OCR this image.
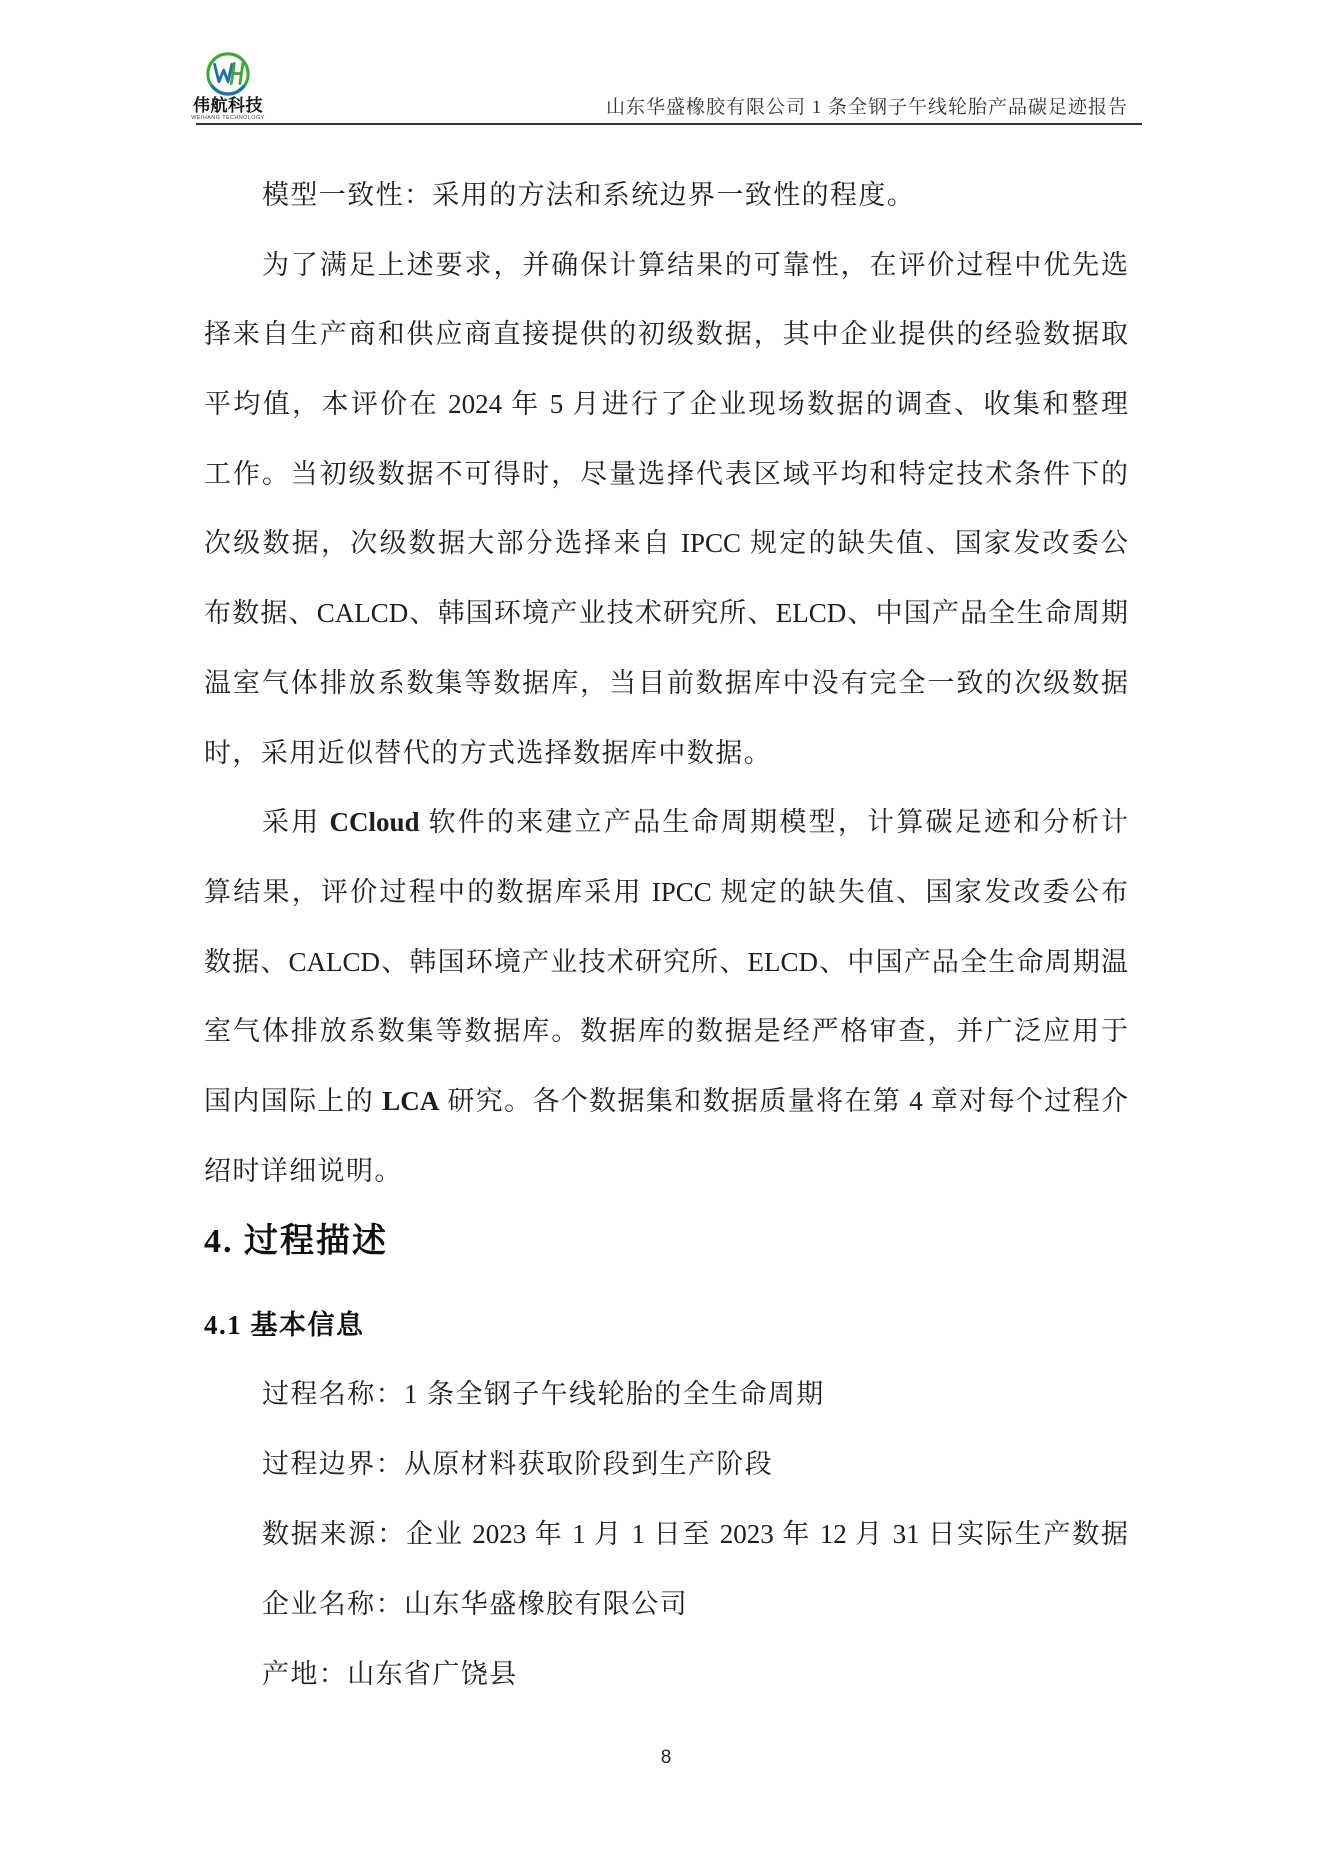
伟航科技
WEIHANG TECHNOLOGY	山东华盛橡胶有限公司 1 条全钢子午线轮胎产品碳足迹报告
模型一致性：采用的方法和系统边界一致性的程度。
为了满足上述要求，并确保计算结果的可靠性，在评价过程中优先选
择来自生产商和供应商直接提供的初级数据，其中企业提供的经验数据取
平均值，本评价在 2024 年 5 月进行了企业现场数据的调查、收集和整理
工作。当初级数据不可得时，尽量选择代表区域平均和特定技术条件下的
次级数据，次级数据大部分选择来自 IPCC 规定的缺失值、国家发改委公
布数据、CALCD、韩国环境产业技术研究所、ELCD、中国产品全生命周期
温室气体排放系数集等数据库，当目前数据库中没有完全一致的次级数据
时，采用近似替代的方式选择数据库中数据。
采用 CCloud 软件的来建立产品生命周期模型，计算碳足迹和分析计
算结果，评价过程中的数据库采用 IPCC 规定的缺失值、国家发改委公布
数据、CALCD、韩国环境产业技术研究所、ELCD、中国产品全生命周期温
室气体排放系数集等数据库。数据库的数据是经严格审查，并广泛应用于
国内国际上的 LCA 研究。各个数据集和数据质量将在第 4 章对每个过程介
绍时详细说明。
4. 过程描述
4.1 基本信息
过程名称：1 条全钢子午线轮胎的全生命周期
过程边界：从原材料获取阶段到生产阶段
数据来源：企业 2023 年 1 月 1 日至 2023 年 12 月 31 日实际生产数据
企业名称：山东华盛橡胶有限公司
产地：山东省广饶县
8
